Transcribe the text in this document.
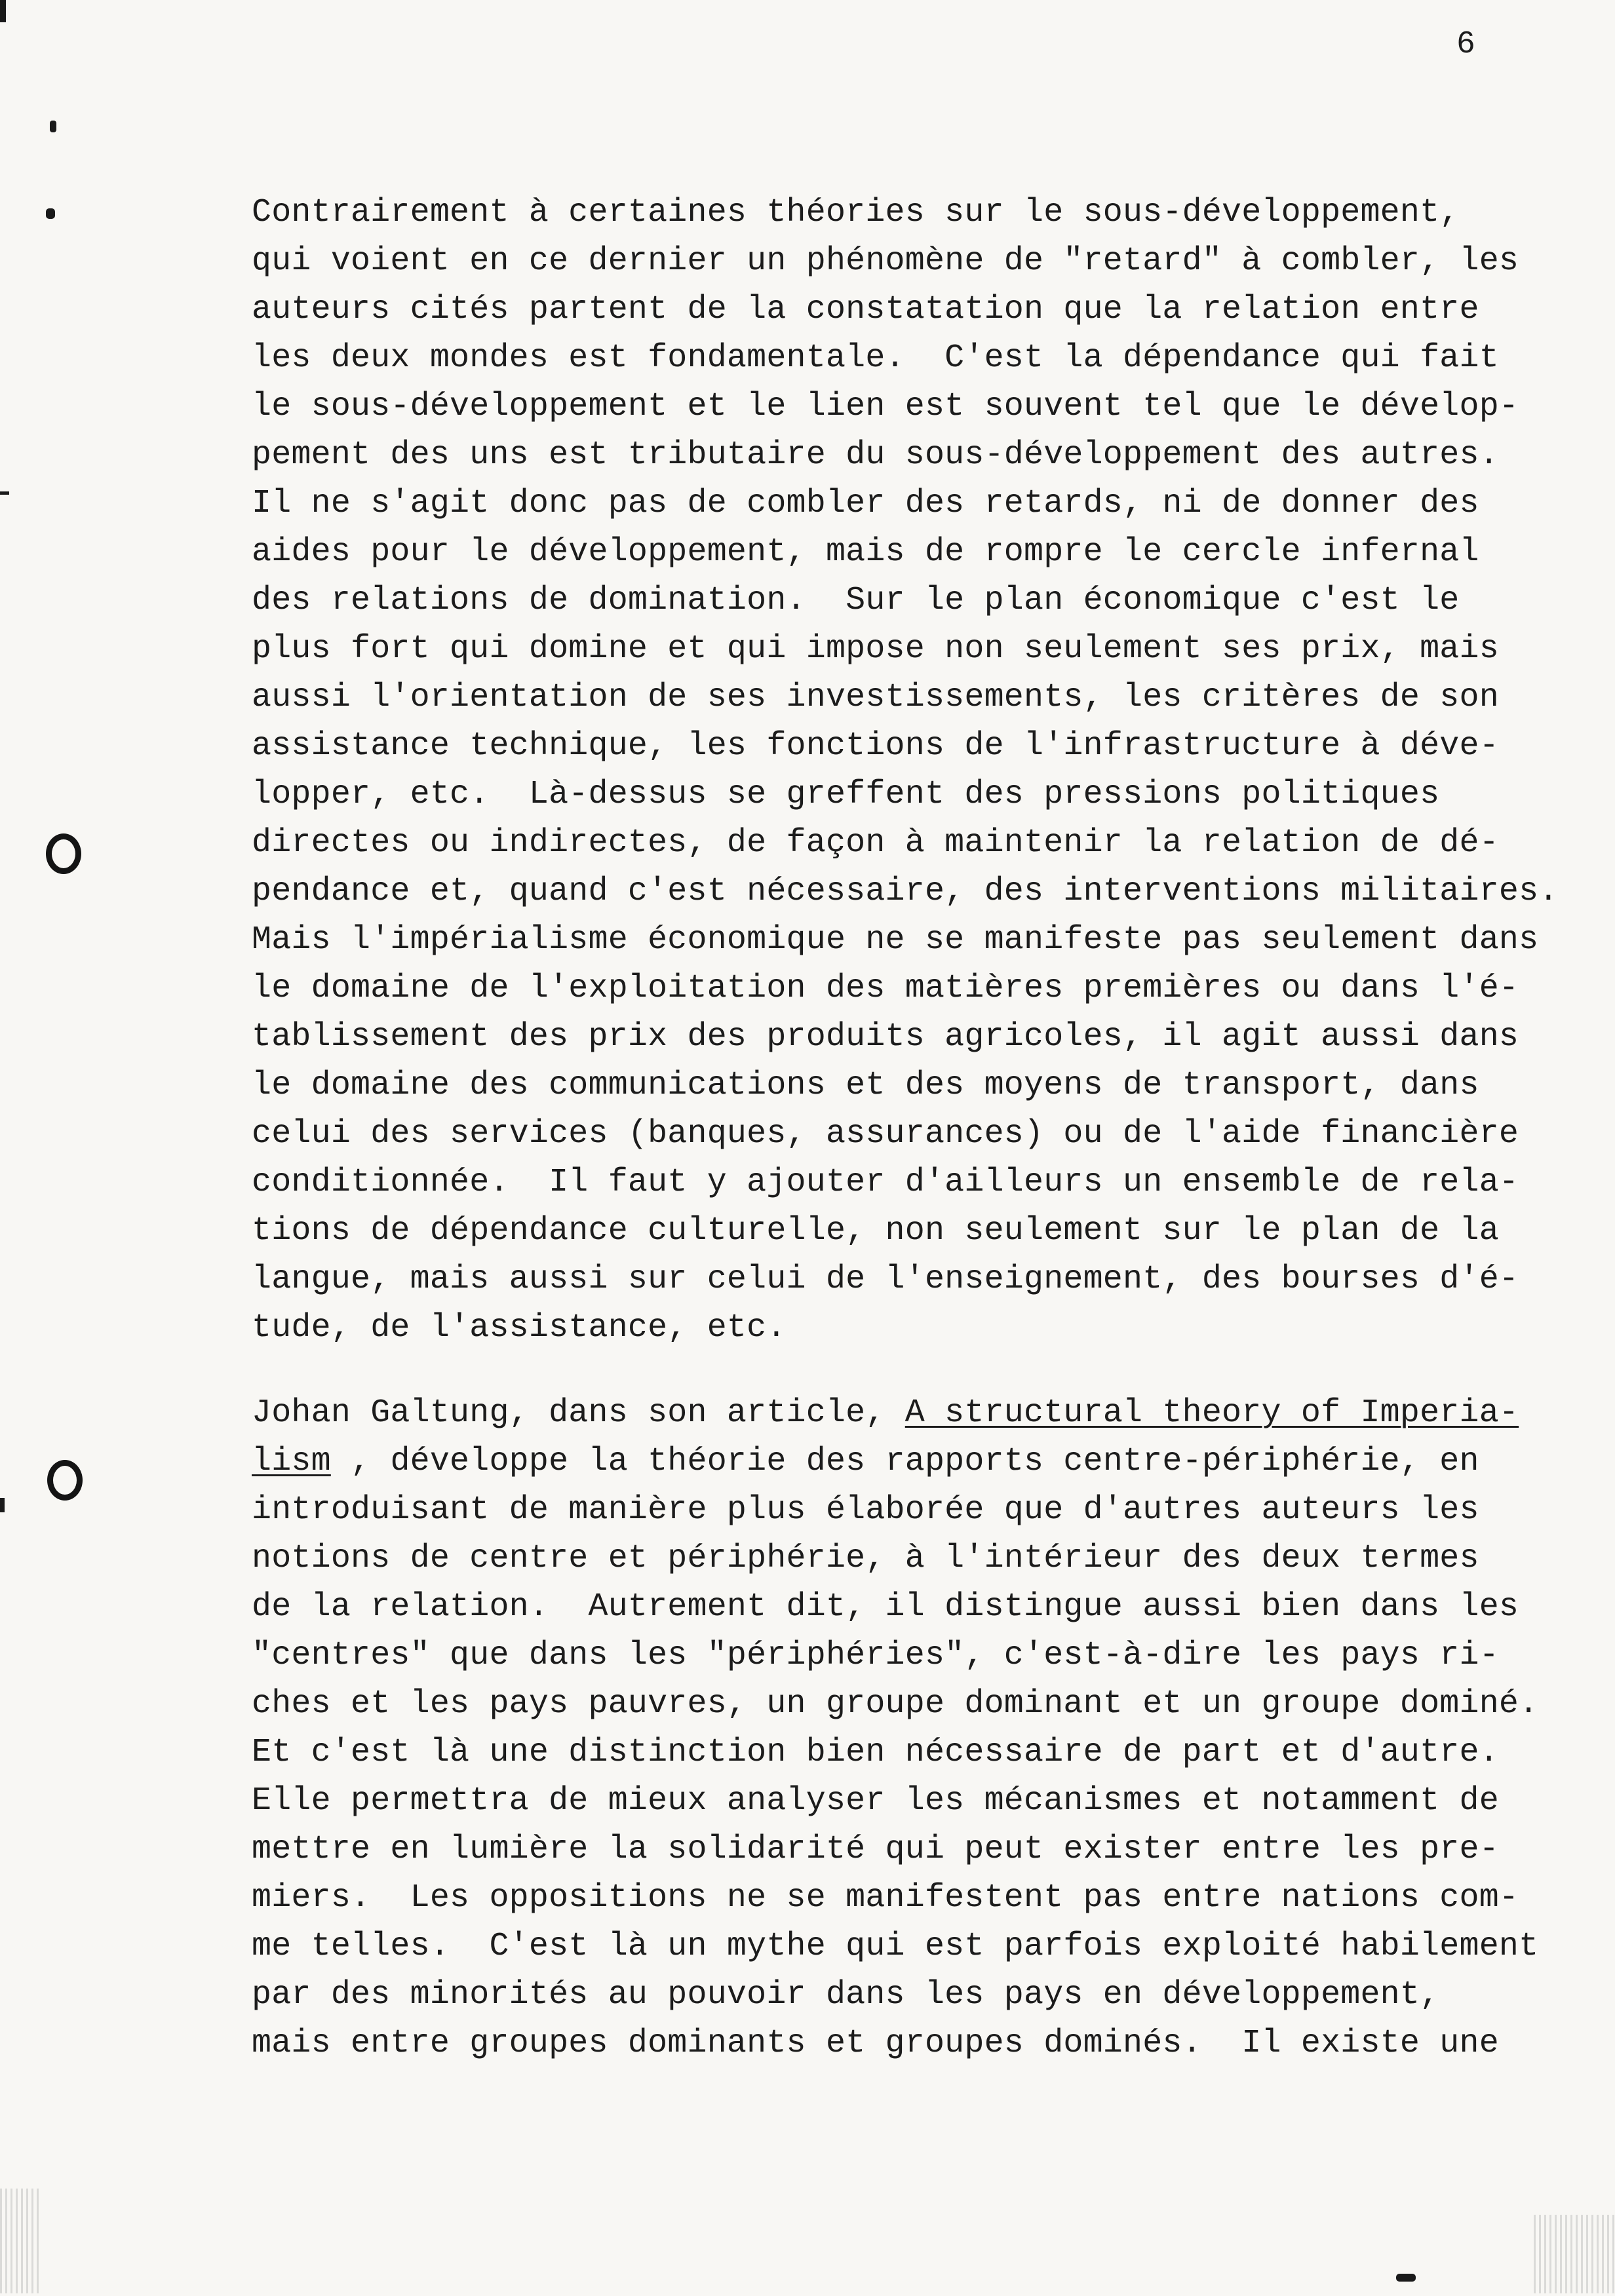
6
Contrairement à certaines théories sur le sous-développement,
qui voient en ce dernier un phénomène de "retard" à combler, les
auteurs cités partent de la constatation que la relation entre
les deux mondes est fondamentale.  C'est la dépendance qui fait
le sous-développement et le lien est souvent tel que le dévelop-
pement des uns est tributaire du sous-développement des autres.
Il ne s'agit donc pas de combler des retards, ni de donner des
aides pour le développement, mais de rompre le cercle infernal
des relations de domination.  Sur le plan économique c'est le
plus fort qui domine et qui impose non seulement ses prix, mais
aussi l'orientation de ses investissements, les critères de son
assistance technique, les fonctions de l'infrastructure à déve-
lopper, etc.  Là-dessus se greffent des pressions politiques
directes ou indirectes, de façon à maintenir la relation de dé-
pendance et, quand c'est nécessaire, des interventions militaires.
Mais l'impérialisme économique ne se manifeste pas seulement dans
le domaine de l'exploitation des matières premières ou dans l'é-
tablissement des prix des produits agricoles, il agit aussi dans
le domaine des communications et des moyens de transport, dans
celui des services (banques, assurances) ou de l'aide financière
conditionnée.  Il faut y ajouter d'ailleurs un ensemble de rela-
tions de dépendance culturelle, non seulement sur le plan de la
langue, mais aussi sur celui de l'enseignement, des bourses d'é-
tude, de l'assistance, etc.
Johan Galtung, dans son article, A structural theory of Imperia-
lism , développe la théorie des rapports centre-périphérie, en
introduisant de manière plus élaborée que d'autres auteurs les
notions de centre et périphérie, à l'intérieur des deux termes
de la relation.  Autrement dit, il distingue aussi bien dans les
"centres" que dans les "périphéries", c'est-à-dire les pays ri-
ches et les pays pauvres, un groupe dominant et un groupe dominé.
Et c'est là une distinction bien nécessaire de part et d'autre.
Elle permettra de mieux analyser les mécanismes et notamment de
mettre en lumière la solidarité qui peut exister entre les pre-
miers.  Les oppositions ne se manifestent pas entre nations com-
me telles.  C'est là un mythe qui est parfois exploité habilement
par des minorités au pouvoir dans les pays en développement,
mais entre groupes dominants et groupes dominés.  Il existe une
